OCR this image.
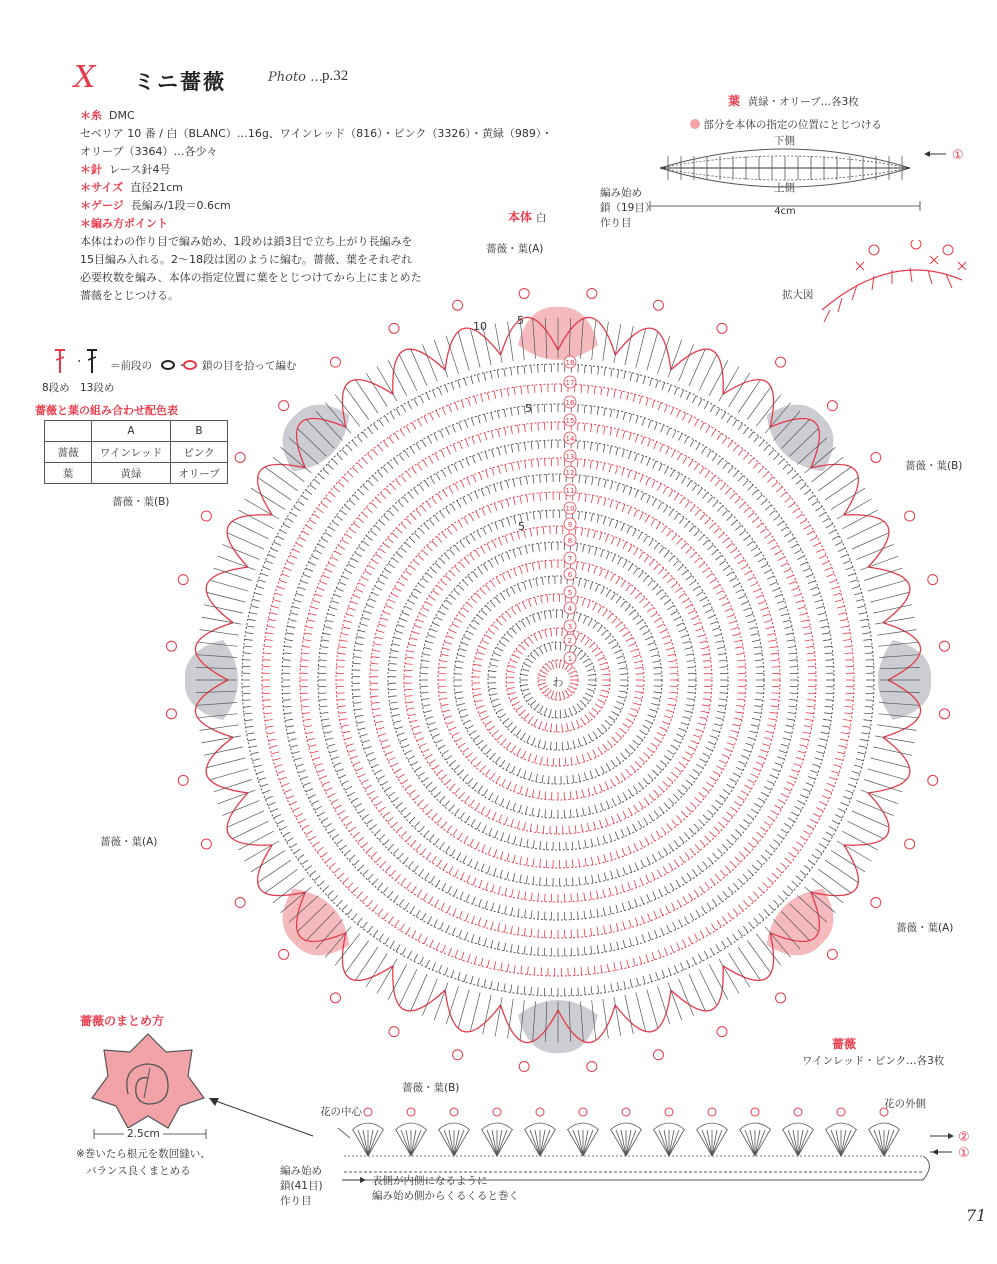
X ミニ薔薇	Photo …
p.32
＊糸 DMC
セベリア 10 番 / 白（BLANC）…16g、ワインレッド（816）・ピンク（3326）・黄緑（989）・
オリーブ（3364）…各少々
＊針 レース針4号
＊サイズ 直径21cm
＊ゲージ 長編み/1段＝0.6cm
＊編み方ポイント
本体はわの作り目で編み始め、1段めは鎖3目で立ち上がり長編みを
15目編み入れる。2～18段は図のように編む。薔薇、葉をそれぞれ
必要枚数を編み、本体の指定位置に葉をとじつけてから上にまとめた
薔薇をとじつける。
・ ＝前段の	・ 鎖の目を拾って編む
8段め 13段め
薔薇と葉の組み合わせ配色表
	A	B
薔薇	ワインレッド	ピンク
葉	黄緑	オリーブ
葉 黄緑・オリーブ…各3枚
部分を本体の指定の位置にとじつける
下側
上側
4cm
①
編み始め
鎖（19目）
作り目
本体 白
薔薇・葉(A)
拡大図
薔薇・葉(B)
薔薇・葉(B)
薔薇・葉(A)
薔薇・葉(A)
薔薇・葉(B)
1
2
3
4
5
6
7
8
9
10
11
12
13
14
15
16
17
18
わ
10	5
5
5
薔薇のまとめ方
2.5cm
※巻いたら根元を数回縫い、
バランス良くまとめる
薔薇
ワインレッド・ピンク…各3枚
花の中心
花の外側
②
①
編み始め
鎖(41目)
作り目
表側が内側になるように
編み始め側からくるくると巻く
71
